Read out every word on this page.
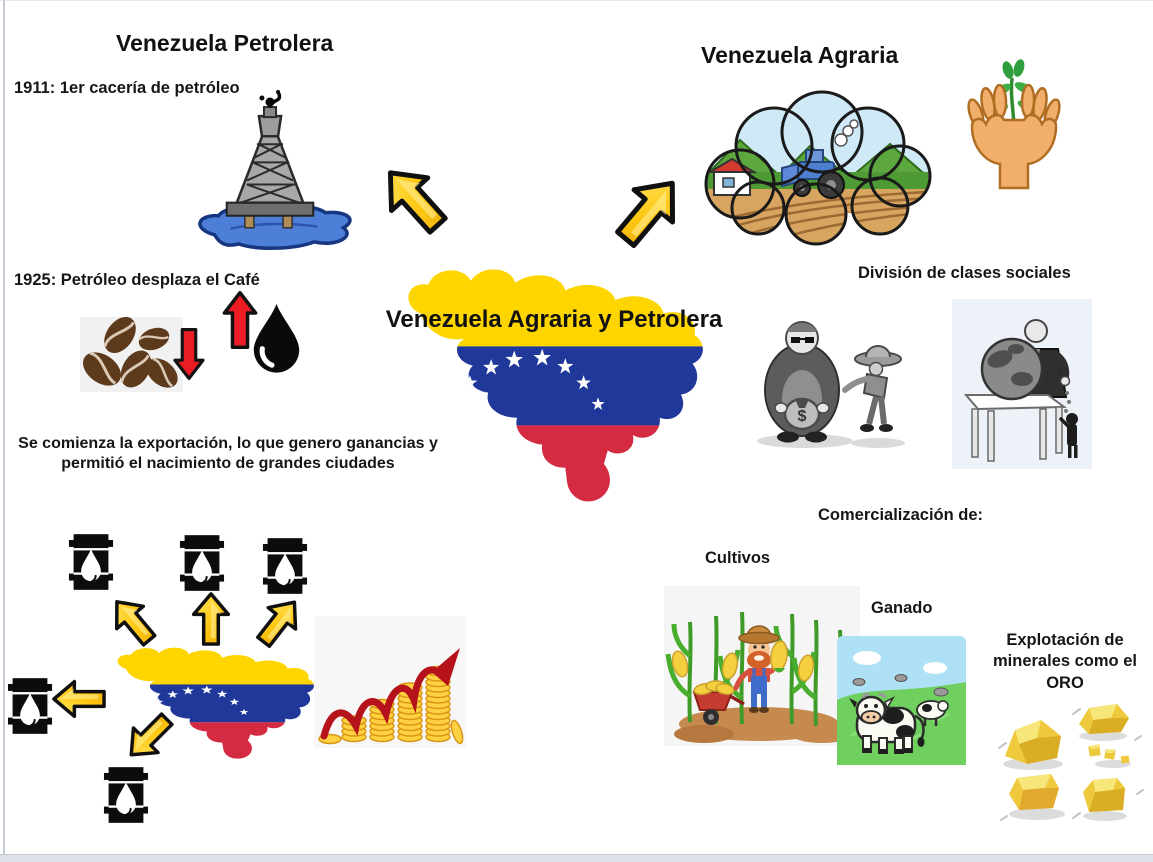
Venezuela Petrolera
1911: 1er cacería de petróleo
1925: Petróleo desplaza el Café
Se comienza la exportación, lo que genero ganancias y permitió el nacimiento de grandes ciudades
Venezuela Agraria y Petrolera
Venezuela Agraria
División de clases sociales
$
Comercialización de:
Cultivos
Ganado
Explotación de minerales como el ORO
